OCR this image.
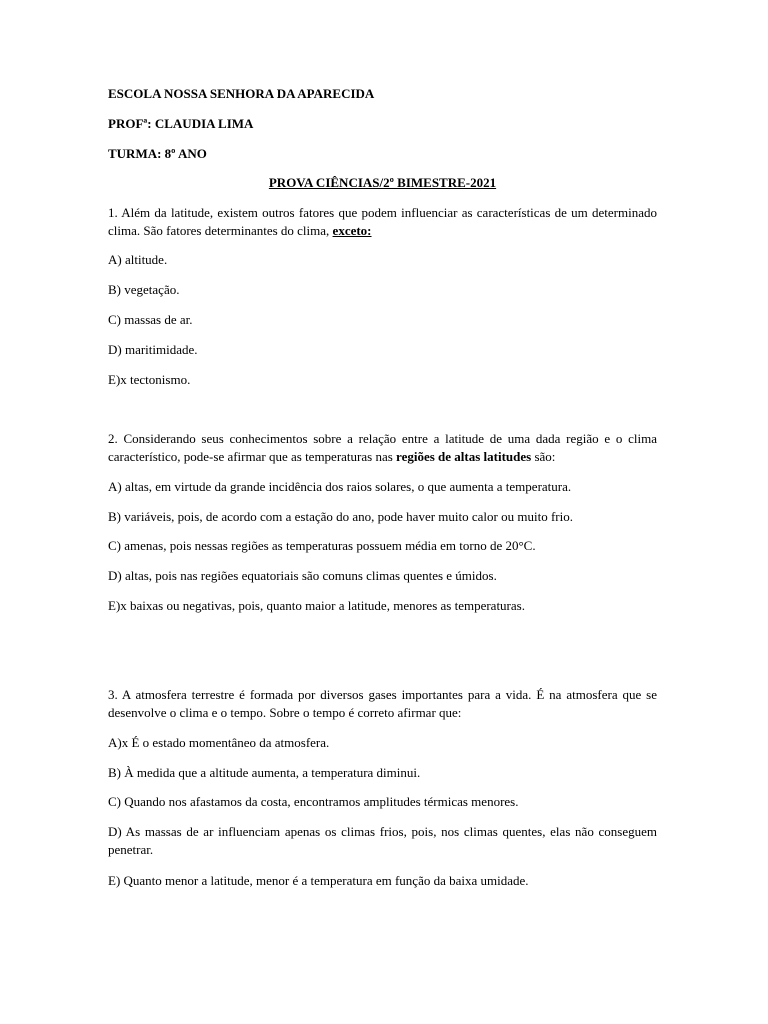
ESCOLA NOSSA SENHORA DA APARECIDA
PROFª: CLAUDIA LIMA
TURMA: 8º ANO
PROVA CIÊNCIAS/2º BIMESTRE-2021
1. Além da latitude, existem outros fatores que podem influenciar as características de um determinado clima. São fatores determinantes do clima, exceto:
A) altitude.
B) vegetação.
C) massas de ar.
D) maritimidade.
E)x tectonismo.
2. Considerando seus conhecimentos sobre a relação entre a latitude de uma dada região e o clima característico, pode-se afirmar que as temperaturas nas regiões de altas latitudes são:
A) altas, em virtude da grande incidência dos raios solares, o que aumenta a temperatura.
B) variáveis, pois, de acordo com a estação do ano, pode haver muito calor ou muito frio.
C) amenas, pois nessas regiões as temperaturas possuem média em torno de 20°C.
D) altas, pois nas regiões equatoriais são comuns climas quentes e úmidos.
E)x baixas ou negativas, pois, quanto maior a latitude, menores as temperaturas.
3. A atmosfera terrestre é formada por diversos gases importantes para a vida. É na atmosfera que se desenvolve o clima e o tempo. Sobre o tempo é correto afirmar que:
A)x É o estado momentâneo da atmosfera.
B) À medida que a altitude aumenta, a temperatura diminui.
C) Quando nos afastamos da costa, encontramos amplitudes térmicas menores.
D) As massas de ar influenciam apenas os climas frios, pois, nos climas quentes, elas não conseguem penetrar.
E) Quanto menor a latitude, menor é a temperatura em função da baixa umidade.
